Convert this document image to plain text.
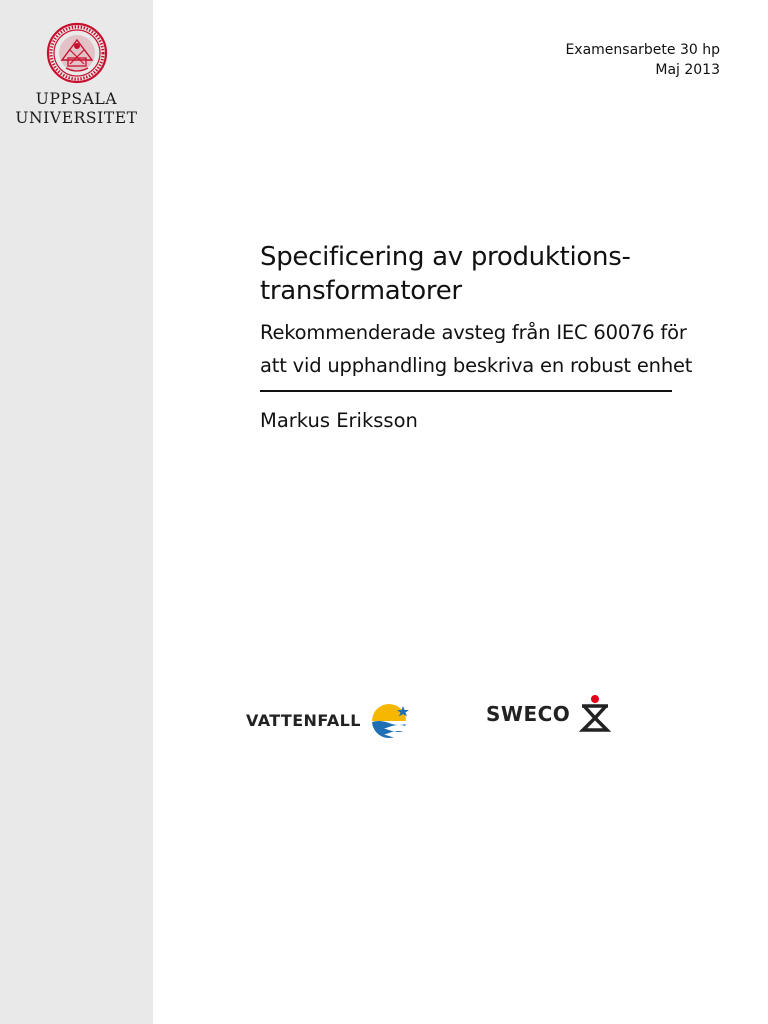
UPPSALA
UNIVERSITET
Examensarbete 30 hp
Maj 2013
Specificering av produktions-
transformatorer
Rekommenderade avsteg från IEC 60076 för
att vid upphandling beskriva en robust enhet
Markus Eriksson
VATTENFALL	SWECO
